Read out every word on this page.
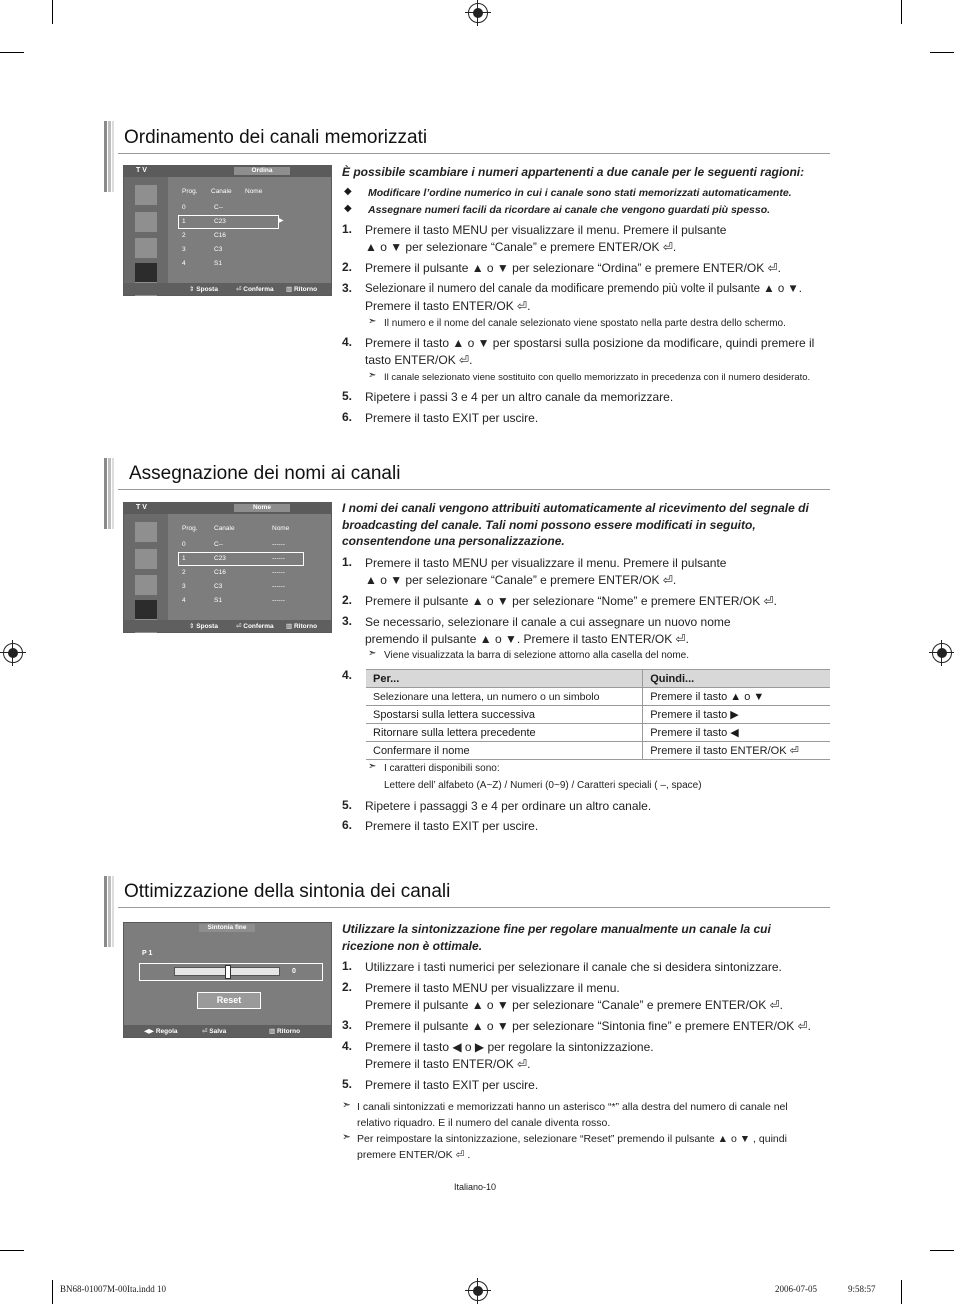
Ordinamento dei canali memorizzati
T V	Ordina
Prog. Canale Nome
0	C--
1	C23	▶
2	C16
3	C3
4	S1
⇕ Sposta	⏎ Conferma ▥ Ritorno
È possibile scambiare i numeri appartenenti a due canale per le seguenti ragioni:
◆ Modificare l’ordine numerico in cui i canale sono stati memorizzati automaticamente.
◆ Assegnare numeri facili da ricordare ai canale che vengono guardati più spesso.
1. Premere il tasto MENU per visualizzare il menu. Premere il pulsante
▲ o ▼ per selezionare “Canale” e premere ENTER/OK ⏎.
2. Premere il pulsante ▲ o ▼ per selezionare “Ordina” e premere ENTER/OK ⏎.
3. Selezionare il numero del canale da modificare premendo più volte il pulsante ▲ o ▼.
Premere il tasto ENTER/OK ⏎.
➣ Il numero e il nome del canale selezionato viene spostato nella parte destra dello schermo.
4. Premere il tasto ▲ o ▼ per spostarsi sulla posizione da modificare, quindi premere il
tasto ENTER/OK ⏎.
➣ Il canale selezionato viene sostituito con quello memorizzato in precedenza con il numero desiderato.
5. Ripetere i passi 3 e 4 per un altro canale da memorizzare.
6. Premere il tasto EXIT per uscire.
Assegnazione dei nomi ai canali
T V	Nome
Prog.	Canale	Nome
0	C--	------
1	C23	------
2	C16	------
3	C3	------
4	S1	------
⇕ Sposta	⏎ Conferma ▥ Ritorno
I nomi dei canali vengono attribuiti automaticamente al ricevimento del segnale di broadcasting del canale. Tali nomi possono essere modificati in seguito, consentendone una personalizzazione.
1. Premere il tasto MENU per visualizzare il menu. Premere il pulsante
▲ o ▼ per selezionare “Canale” e premere ENTER/OK ⏎.
2. Premere il pulsante ▲ o ▼ per selezionare “Nome” e premere ENTER/OK ⏎.
3. Se necessario, selezionare il canale a cui assegnare un nuovo nome
premendo il pulsante ▲ o ▼. Premere il tasto ENTER/OK ⏎.
➣ Viene visualizzata la barra di selezione attorno alla casella del nome.
4. Per...	Quindi...
Selezionare una lettera, un numero o un simbolo	Premere il tasto ▲ o ▼
Spostarsi sulla lettera successiva	Premere il tasto ▶
Ritornare sulla lettera precedente	Premere il tasto ◀
Confermare il nome	Premere il tasto ENTER/OK ⏎
➣ I caratteri disponibili sono:
Lettere dell’ alfabeto (A~Z) / Numeri (0~9) / Caratteri speciali ( –, space)
5. Ripetere i passaggi 3 e 4 per ordinare un altro canale.
6. Premere il tasto EXIT per uscire.
Ottimizzazione della sintonia dei canali
Sintonia fine
P 1
0
Reset
◀▶ Regola	⏎ Salva	▥ Ritorno
Utilizzare la sintonizzazione fine per regolare manualmente un canale la cui ricezione non è ottimale.
1. Utilizzare i tasti numerici per selezionare il canale che si desidera sintonizzare.
2. Premere il tasto MENU per visualizzare il menu.
Premere il pulsante ▲ o ▼ per selezionare “Canale” e premere ENTER/OK ⏎.
3. Premere il pulsante ▲ o ▼ per selezionare “Sintonia fine” e premere ENTER/OK ⏎.
4. Premere il tasto ◀ o ▶ per regolare la sintonizzazione.
Premere il tasto ENTER/OK ⏎.
5. Premere il tasto EXIT per uscire.
➣ I canali sintonizzati e memorizzati hanno un asterisco “*” alla destra del numero di canale nel
relativo riquadro. E il numero del canale diventa rosso.
➣ Per reimpostare la sintonizzazione, selezionare “Reset” premendo il pulsante ▲ o ▼ , quindi
premere ENTER/OK ⏎ .
Italiano-10
BN68-01007M-00Ita.indd 10	2006-07-05	9:58:57
